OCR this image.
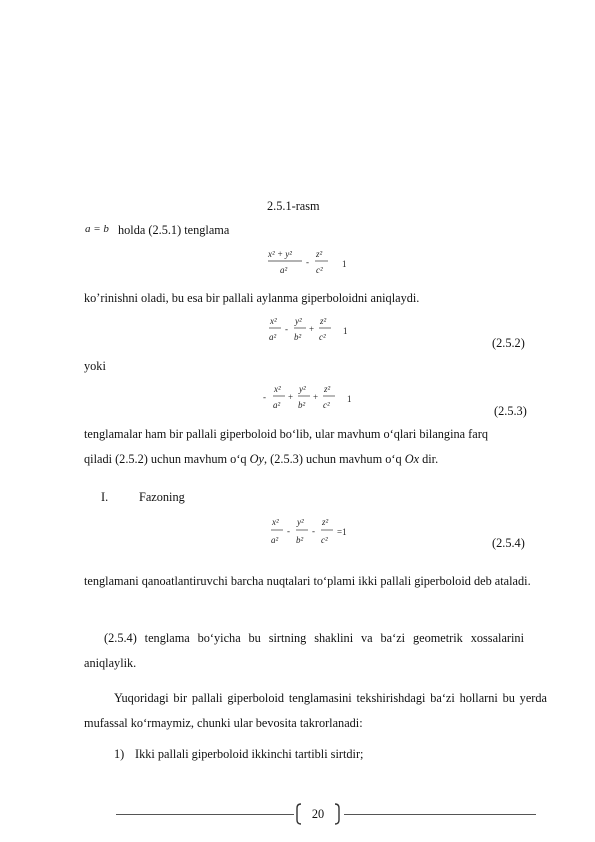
2.5.1-rasm
a = b holda (2.5.1) tenglama
x² + y²
a²
-
z²
c²
1
ko’rinishni oladi, bu esa bir pallali aylanma giperboloidni aniqlaydi.
x²
a²
-
y²
b²
+
z²
c²
1
(2.5.2)
yoki
-
x²
a²
+
y²
b²
+
z²
c²
1
(2.5.3)
tenglamalar ham bir pallali giperboloid bo‘lib, ular mavhum o‘qlari bilangina farq
qiladi (2.5.2) uchun mavhum o‘q Oy, (2.5.3) uchun mavhum o‘q Ox dir.
I.	Fazoning
x²
a²
-
y²
b²
-
z²
c²
=1
(2.5.4)
tenglamani qanoatlantiruvchi barcha nuqtalari to‘plami ikki pallali giperboloid deb ataladi.
(2.5.4) tenglama bo‘yicha bu sirtning shaklini va ba‘zi geometrik xossalarini aniqlaylik.
Yuqoridagi bir pallali giperboloid tenglamasini tekshirishdagi ba‘zi hollarni bu yerda mufassal ko‘rmaymiz, chunki ular bevosita takrorlanadi:
1) Ikki pallali giperboloid ikkinchi tartibli sirtdir;
20
